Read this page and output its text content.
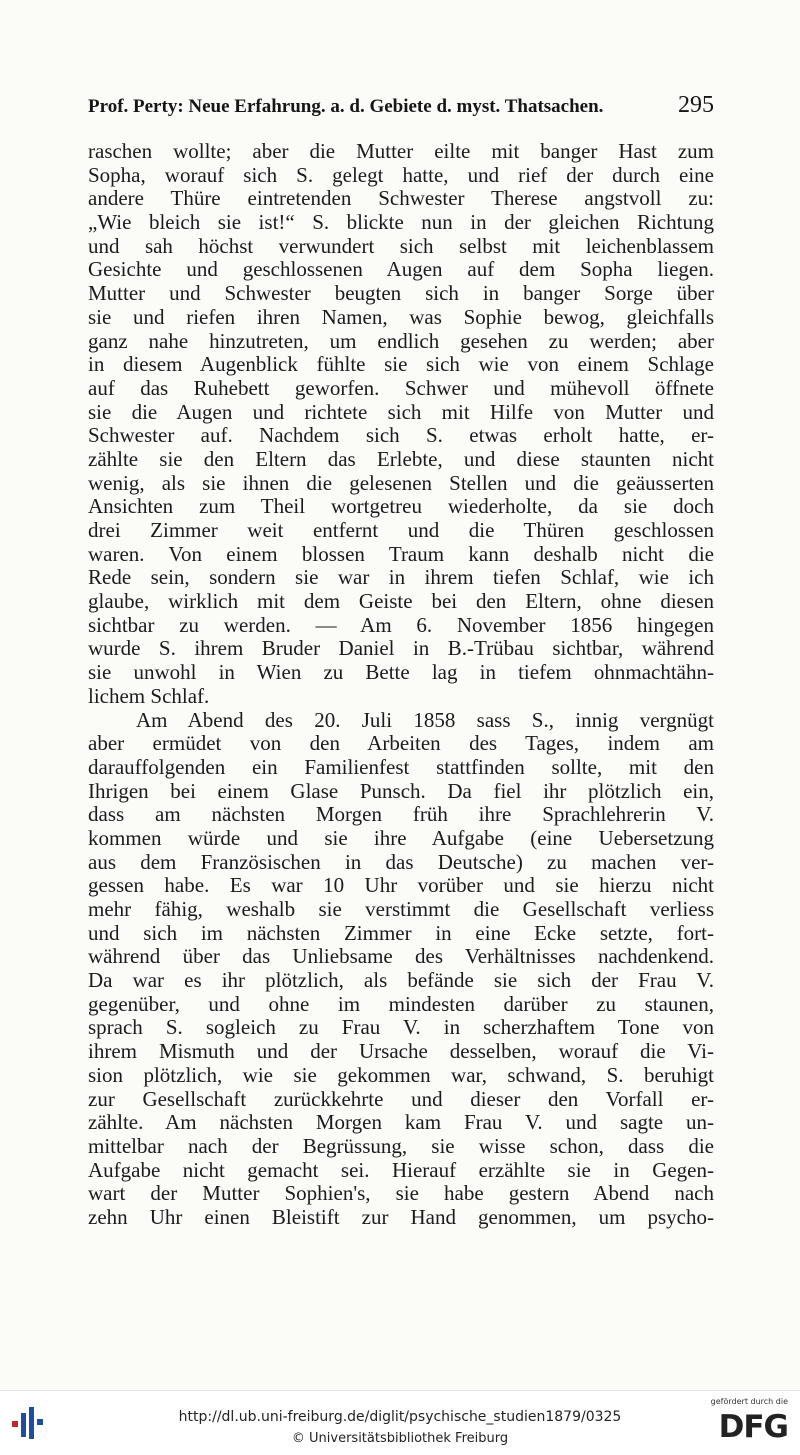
Prof. Perty: Neue Erfahrung. a. d. Gebiete d. myst. Thatsachen.	295
raschen wollte; aber die Mutter eilte mit banger Hast zum
Sopha, worauf sich S. gelegt hatte, und rief der durch eine
andere Thüre eintretenden Schwester Therese angstvoll zu:
„Wie bleich sie ist!“ S. blickte nun in der gleichen Richtung
und sah höchst verwundert sich selbst mit leichenblassem
Gesichte und geschlossenen Augen auf dem Sopha liegen.
Mutter und Schwester beugten sich in banger Sorge über
sie und riefen ihren Namen, was Sophie bewog, gleichfalls
ganz nahe hinzutreten, um endlich gesehen zu werden; aber
in diesem Augenblick fühlte sie sich wie von einem Schlage
auf das Ruhebett geworfen. Schwer und mühevoll öffnete
sie die Augen und richtete sich mit Hilfe von Mutter und
Schwester auf. Nachdem sich S. etwas erholt hatte, er-
zählte sie den Eltern das Erlebte, und diese staunten nicht
wenig, als sie ihnen die gelesenen Stellen und die geäusserten
Ansichten zum Theil wortgetreu wiederholte, da sie doch
drei Zimmer weit entfernt und die Thüren geschlossen
waren. Von einem blossen Traum kann deshalb nicht die
Rede sein, sondern sie war in ihrem tiefen Schlaf, wie ich
glaube, wirklich mit dem Geiste bei den Eltern, ohne diesen
sichtbar zu werden. — Am 6. November 1856 hingegen
wurde S. ihrem Bruder Daniel in B.-Trübau sichtbar, während
sie unwohl in Wien zu Bette lag in tiefem ohnmachtähn-
lichem Schlaf.
Am Abend des 20. Juli 1858 sass S., innig vergnügt
aber ermüdet von den Arbeiten des Tages, indem am
darauffolgenden ein Familienfest stattfinden sollte, mit den
Ihrigen bei einem Glase Punsch. Da fiel ihr plötzlich ein,
dass am nächsten Morgen früh ihre Sprachlehrerin V.
kommen würde und sie ihre Aufgabe (eine Uebersetzung
aus dem Französischen in das Deutsche) zu machen ver-
gessen habe. Es war 10 Uhr vorüber und sie hierzu nicht
mehr fähig, weshalb sie verstimmt die Gesellschaft verliess
und sich im nächsten Zimmer in eine Ecke setzte, fort-
während über das Unliebsame des Verhältnisses nachdenkend.
Da war es ihr plötzlich, als befände sie sich der Frau V.
gegenüber, und ohne im mindesten darüber zu staunen,
sprach S. sogleich zu Frau V. in scherzhaftem Tone von
ihrem Mismuth und der Ursache desselben, worauf die Vi-
sion plötzlich, wie sie gekommen war, schwand, S. beruhigt
zur Gesellschaft zurückkehrte und dieser den Vorfall er-
zählte. Am nächsten Morgen kam Frau V. und sagte un-
mittelbar nach der Begrüssung, sie wisse schon, dass die
Aufgabe nicht gemacht sei. Hierauf erzählte sie in Gegen-
wart der Mutter Sophien's, sie habe gestern Abend nach
zehn Uhr einen Bleistift zur Hand genommen, um psycho-
http://dl.ub.uni-freiburg.de/diglit/psychische_studien1879/0325
© Universitätsbibliothek Freiburg
gefördert durch die
DFG
